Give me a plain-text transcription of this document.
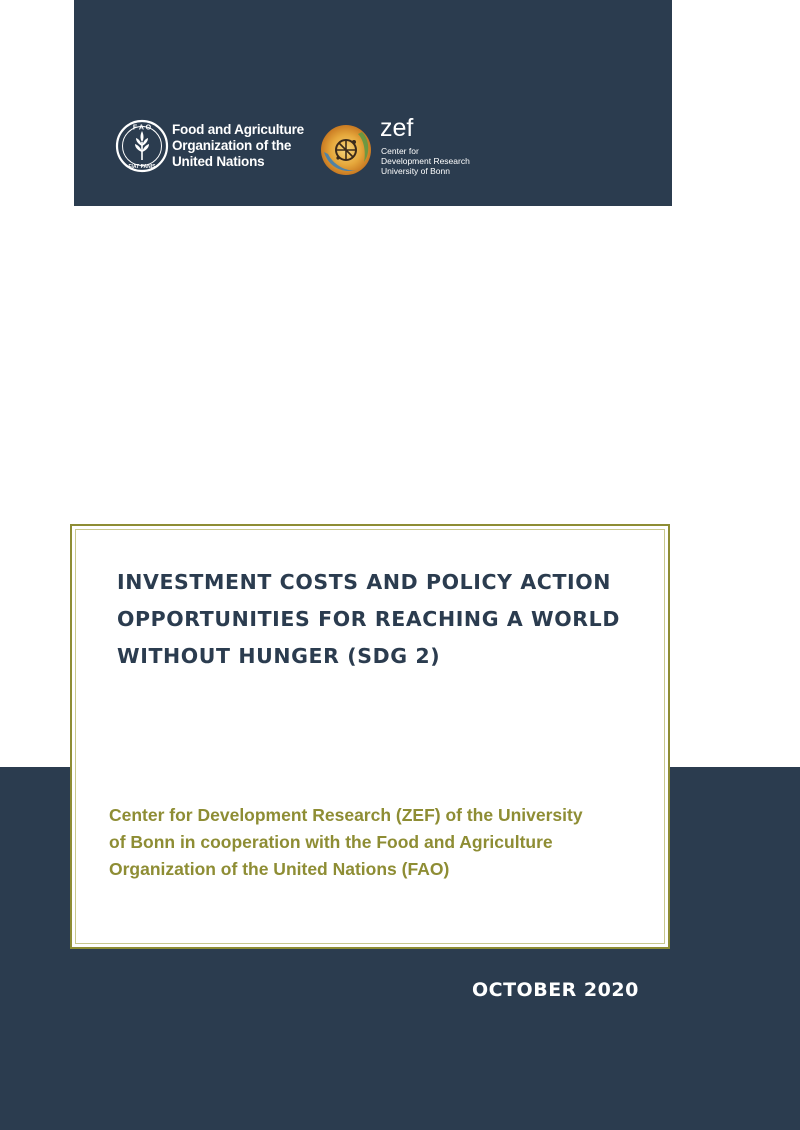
F A O
FIAT PANIS
Food and Agriculture
Organization of the
United Nations
zef
Center for
Development Research
University of Bonn
INVESTMENT COSTS AND POLICY ACTION
OPPORTUNITIES FOR REACHING A WORLD
WITHOUT HUNGER (SDG 2)
Center for Development Research (ZEF) of the University
of Bonn in cooperation with the Food and Agriculture
Organization of the United Nations (FAO)
OCTOBER 2020
